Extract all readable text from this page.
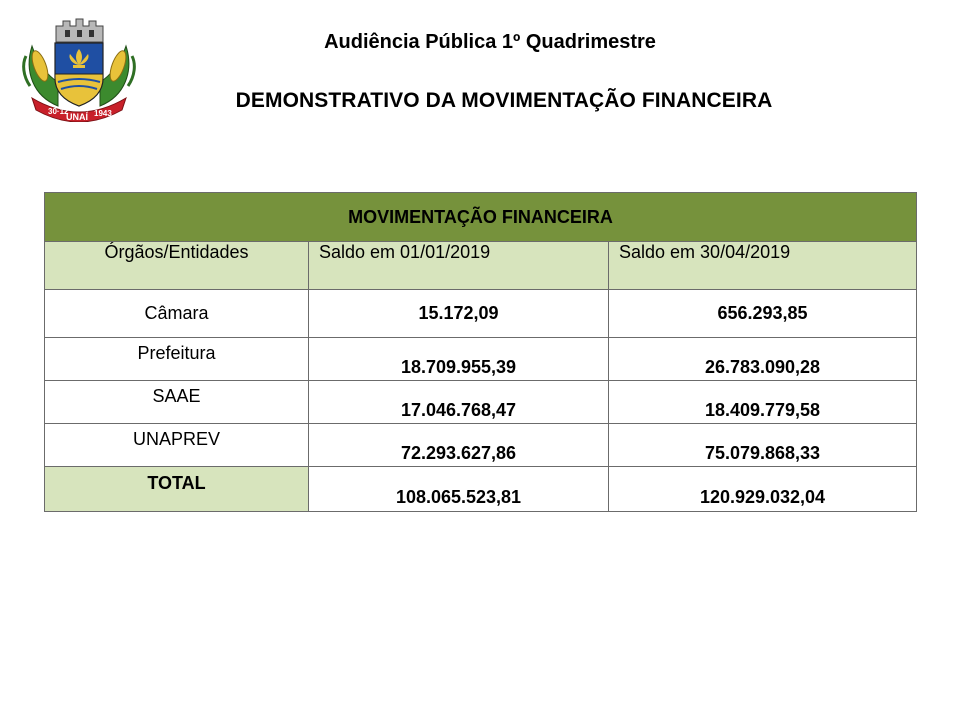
30·12
UNAÍ 1943
Audiência Pública 1º Quadrimestre
DEMONSTRATIVO DA MOVIMENTAÇÃO FINANCEIRA
MOVIMENTAÇÃO FINANCEIRA		
Órgãos/Entidades	Saldo em 01/01/2019	Saldo em 30/04/2019
Câmara	15.172,09	656.293,85

Prefeitura	18.709.955,39	26.783.090,28

SAAE	17.046.768,47	18.409.779,58

UNAPREV	72.293.627,86	75.079.868,33

TOTAL	108.065.523,81	120.929.032,04
